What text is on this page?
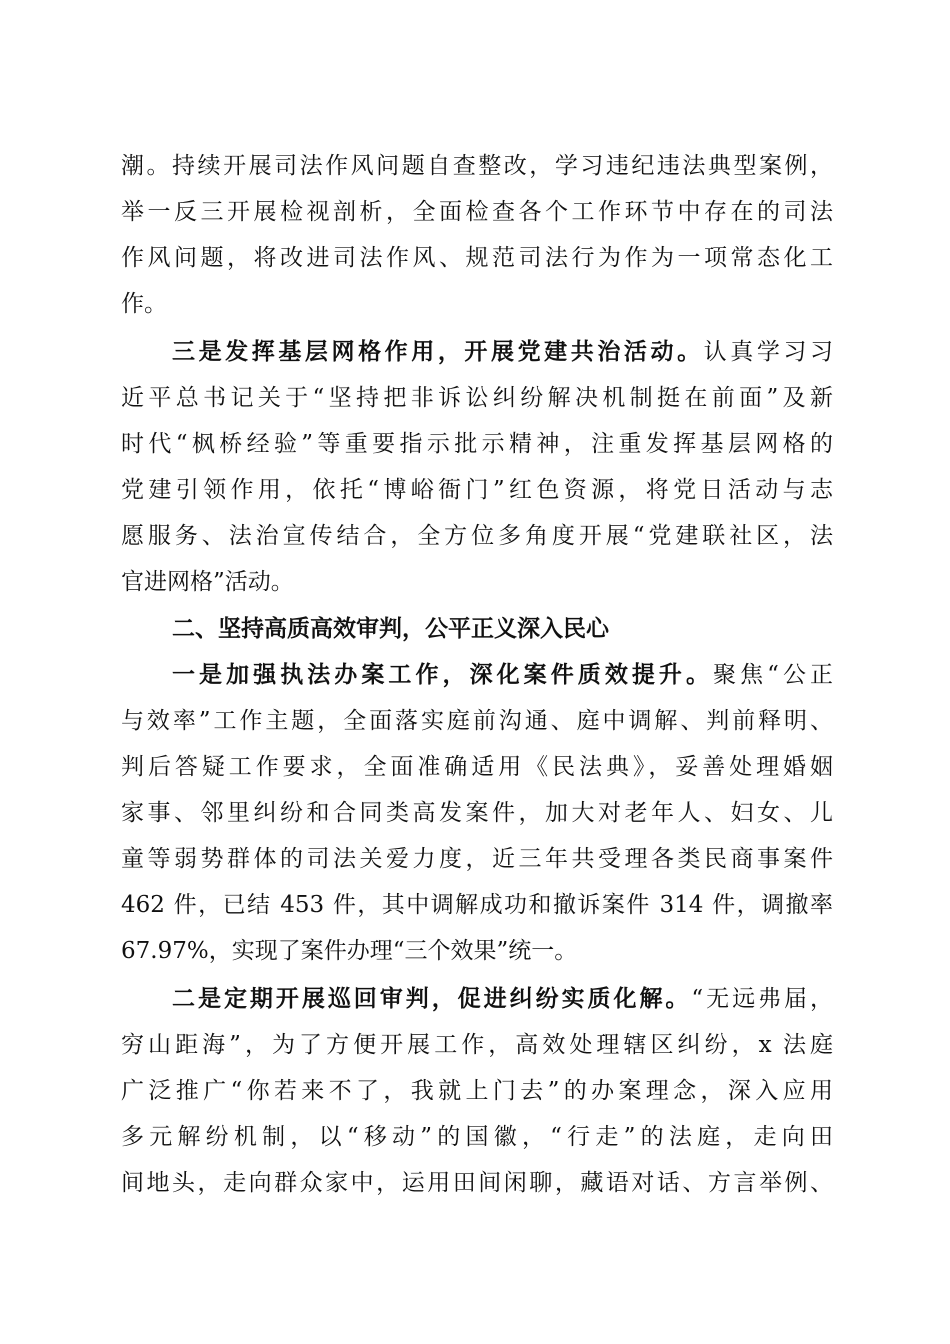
潮。持续开展司法作风问题自查整改，学习违纪违法典型案例，
举一反三开展检视剖析，全面检查各个工作环节中存在的司法
作风问题，将改进司法作风、规范司法行为作为一项常态化工
作。
三是发挥基层网格作用，开展党建共治活动。认真学习习
近平总书记关于“坚持把非诉讼纠纷解决机制挺在前面”及新
时代“枫桥经验”等重要指示批示精神，注重发挥基层网格的
党建引领作用，依托“博峪衙门”红色资源，将党日活动与志
愿服务、法治宣传结合，全方位多角度开展“党建联社区，法
官进网格”活动。
二、坚持高质高效审判，公平正义深入民心
一是加强执法办案工作，深化案件质效提升。聚焦“公正
与效率”工作主题，全面落实庭前沟通、庭中调解、判前释明、
判后答疑工作要求，全面准确适用《民法典》，妥善处理婚姻
家事、邻里纠纷和合同类高发案件，加大对老年人、妇女、儿
童等弱势群体的司法关爱力度，近三年共受理各类民商事案件
462 件，已结 453 件，其中调解成功和撤诉案件 314 件，调撤率
67.97%，实现了案件办理“三个效果”统一。
二是定期开展巡回审判，促进纠纷实质化解。“无远弗届，
穷山距海”，为了方便开展工作，高效处理辖区纠纷，x 法庭
广泛推广“你若来不了，我就上门去”的办案理念，深入应用
多元解纷机制，以“移动”的国徽，“行走”的法庭，走向田
间地头，走向群众家中，运用田间闲聊，藏语对话、方言举例、
